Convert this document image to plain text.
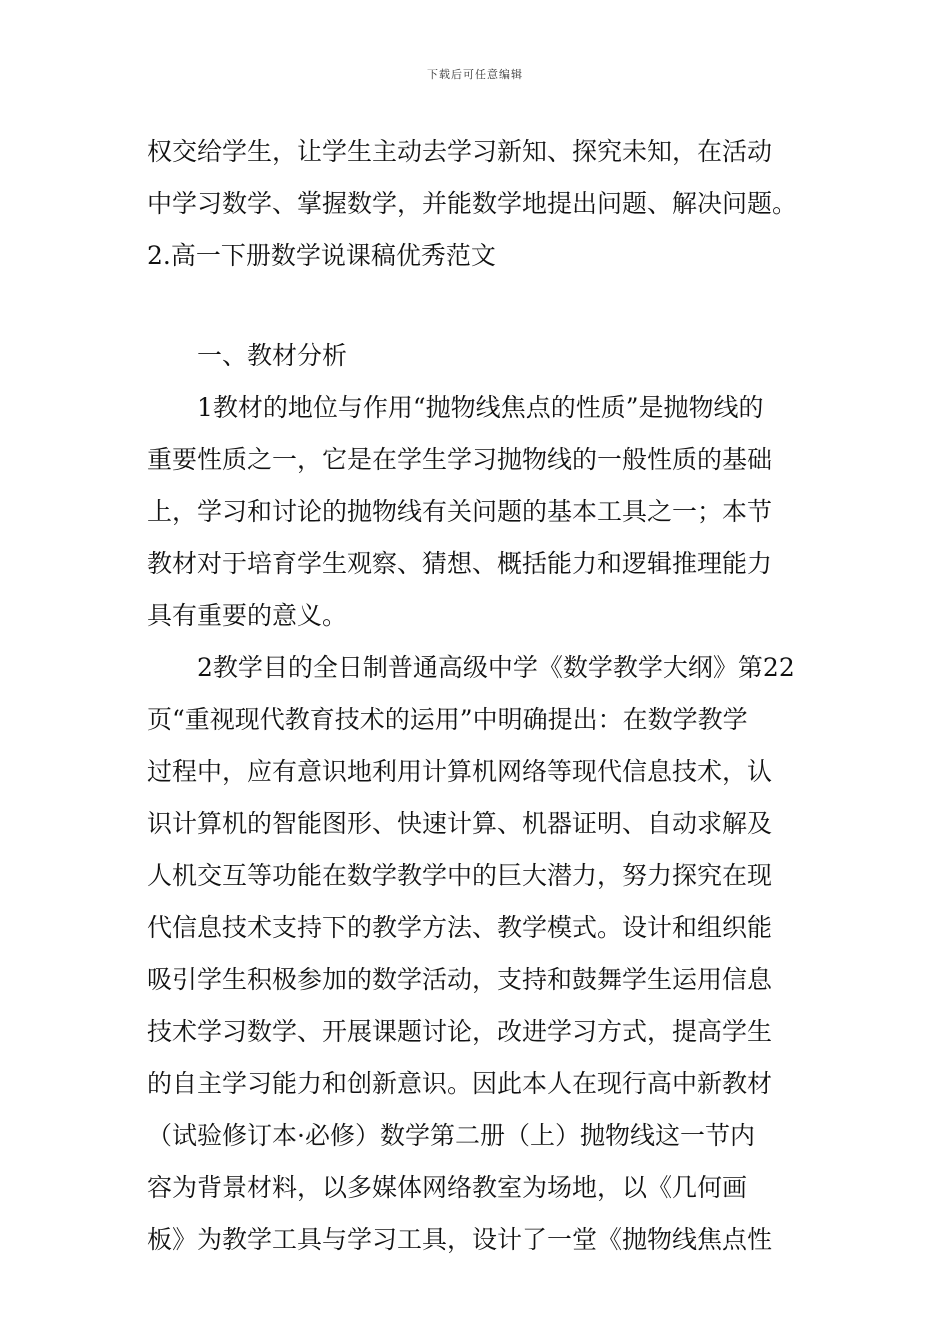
下载后可任意编辑
权交给学生，让学生主动去学习新知、探究未知，在活动
中学习数学、掌握数学，并能数学地提出问题、解决问题。
2.高一下册数学说课稿优秀范文
一、教材分析
1教材的地位与作用“抛物线焦点的性质”是抛物线的
重要性质之一，它是在学生学习抛物线的一般性质的基础
上，学习和讨论的抛物线有关问题的基本工具之一；本节
教材对于培育学生观察、猜想、概括能力和逻辑推理能力
具有重要的意义。
2教学目的全日制普通高级中学《数学教学大纲》第22
页“重视现代教育技术的运用”中明确提出：在数学教学
过程中，应有意识地利用计算机网络等现代信息技术，认
识计算机的智能图形、快速计算、机器证明、自动求解及
人机交互等功能在数学教学中的巨大潜力，努力探究在现
代信息技术支持下的教学方法、教学模式。设计和组织能
吸引学生积极参加的数学活动，支持和鼓舞学生运用信息
技术学习数学、开展课题讨论，改进学习方式，提高学生
的自主学习能力和创新意识。因此本人在现行高中新教材
（试验修订本·必修）数学第二册（上）抛物线这一节内
容为背景材料，以多媒体网络教室为场地，以《几何画
板》为教学工具与学习工具，设计了一堂《抛物线焦点性
